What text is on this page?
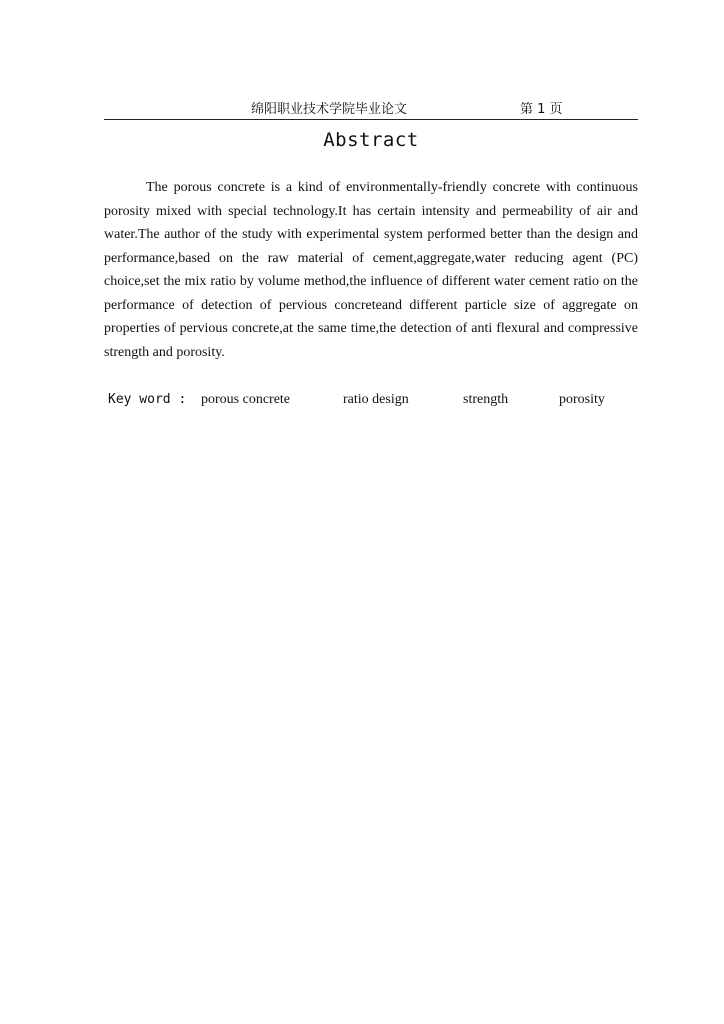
绵阳职业技术学院毕业论文	第 1 页
Abstract

The porous concrete is a kind of environmentally-friendly concrete with continuous porosity mixed with special technology.It has certain intensity and permeability of air and water.The author of the study with experimental system performed better than the design and performance,based on the raw material of cement,aggregate,water reducing agent (PC) choice,set the mix ratio by volume method,the influence of different water cement ratio on the performance of detection of pervious concreteand different particle size of aggregate on properties of pervious concrete,at the same time,the detection of anti flexural and compressive strength and porosity.

Key word : porous concrete	ratio design	strength	porosity
